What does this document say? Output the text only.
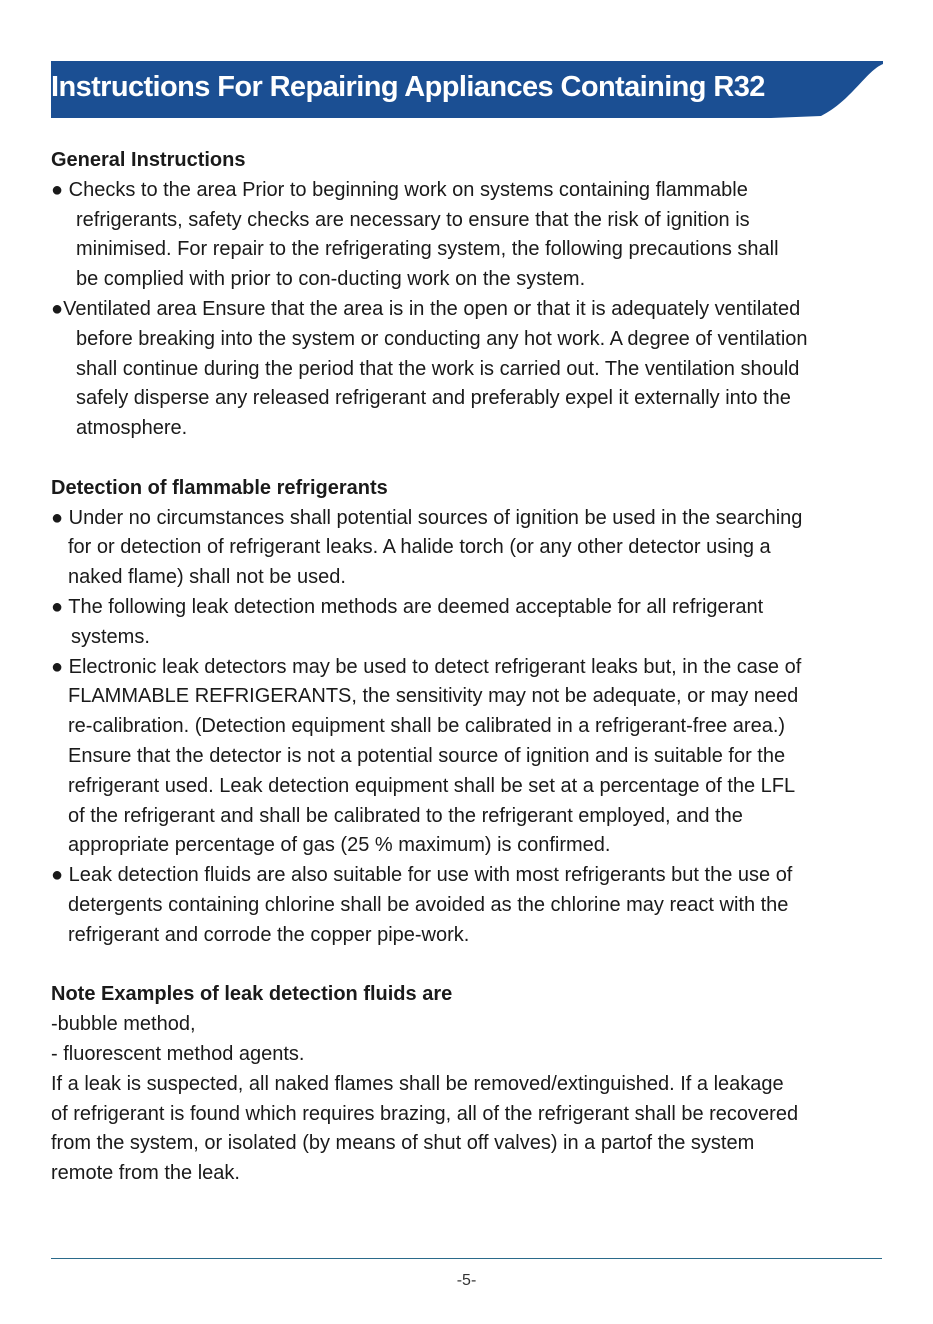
Instructions For Repairing Appliances Containing R32

General Instructions

● Checks to the area Prior to beginning work on systems containing flammable
refrigerants, safety checks are necessary to ensure that the risk of ignition is
minimised. For repair to the refrigerating system, the following precautions shall
be complied with prior to con-ducting work on the system.

●Ventilated area Ensure that the area is in the open or that it is adequately ventilated
before breaking into the system or conducting any hot work. A degree of ventilation
shall continue during the period that the work is carried out. The ventilation should
safely disperse any released refrigerant and preferably expel it externally into the
atmosphere.

Detection of flammable refrigerants

● Under no circumstances shall potential sources of ignition be used in the searching
for or detection of refrigerant leaks. A halide torch (or any other detector using a
naked flame) shall not be used.

● The following leak detection methods are deemed acceptable for all refrigerant
systems.

● Electronic leak detectors may be used to detect refrigerant leaks but, in the case of
FLAMMABLE REFRIGERANTS, the sensitivity may not be adequate, or may need
re-calibration. (Detection equipment shall be calibrated in a refrigerant-free area.)
Ensure that the detector is not a potential source of ignition and is suitable for the
refrigerant used. Leak detection equipment shall be set at a percentage of the LFL
of the refrigerant and shall be calibrated to the refrigerant employed, and the
appropriate percentage of gas (25 % maximum) is confirmed.

● Leak detection fluids are also suitable for use with most refrigerants but the use of
detergents containing chlorine shall be avoided as the chlorine may react with the
refrigerant and corrode the copper pipe-work.

Note Examples of leak detection fluids are

-bubble method,

- fluorescent method agents.

If a leak is suspected, all naked flames shall be removed/extinguished. If a leakage

of refrigerant is found which requires brazing, all of the refrigerant shall be recovered

from the system, or isolated (by means of shut off valves) in a partof the system

remote from the leak.

-5-
